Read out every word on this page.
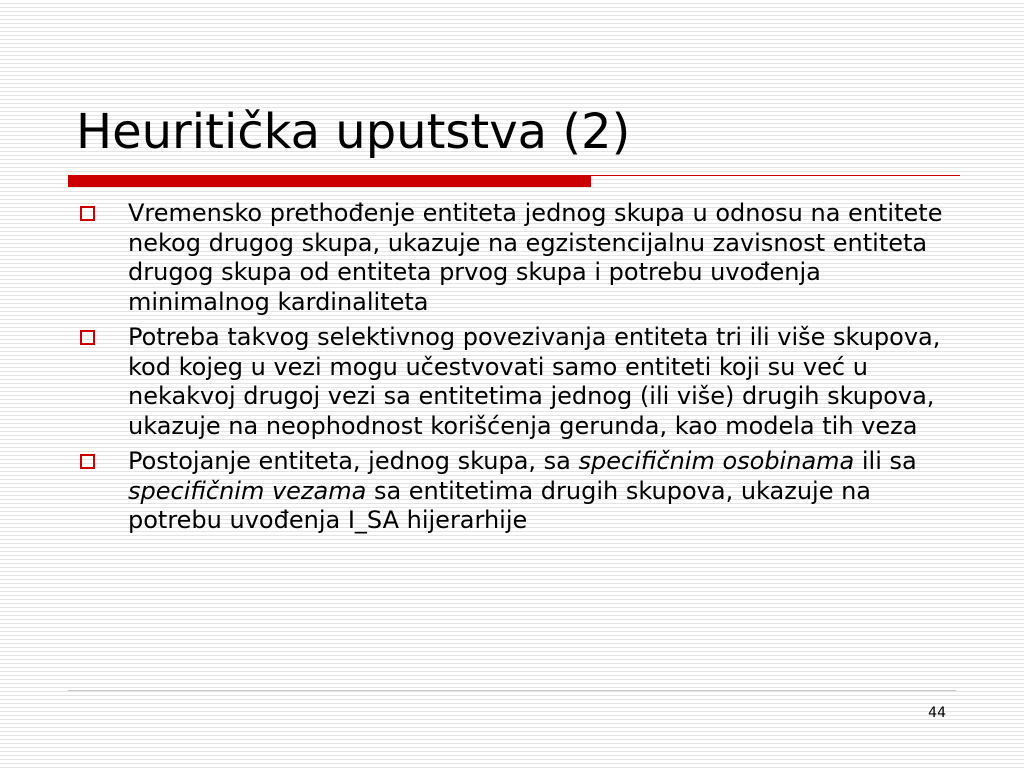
Heuritička uputstva (2)
Vremensko prethođenje entiteta jednog skupa u odnosu na entitete nekog drugog skupa, ukazuje na egzistencijalnu zavisnost entiteta drugog skupa od entiteta prvog skupa i potrebu uvođenja minimalnog kardinaliteta
Potreba takvog selektivnog povezivanja entiteta tri ili više skupova, kod kojeg u vezi mogu učestvovati samo entiteti koji su već u nekakvoj drugoj vezi sa entitetima jednog (ili više) drugih skupova, ukazuje na neophodnost korišćenja gerunda, kao modela tih veza
Postojanje entiteta, jednog skupa, sa specifičnim osobinama ili sa specifičnim vezama sa entitetima drugih skupova, ukazuje na potrebu uvođenja I_SA hijerarhije
44
